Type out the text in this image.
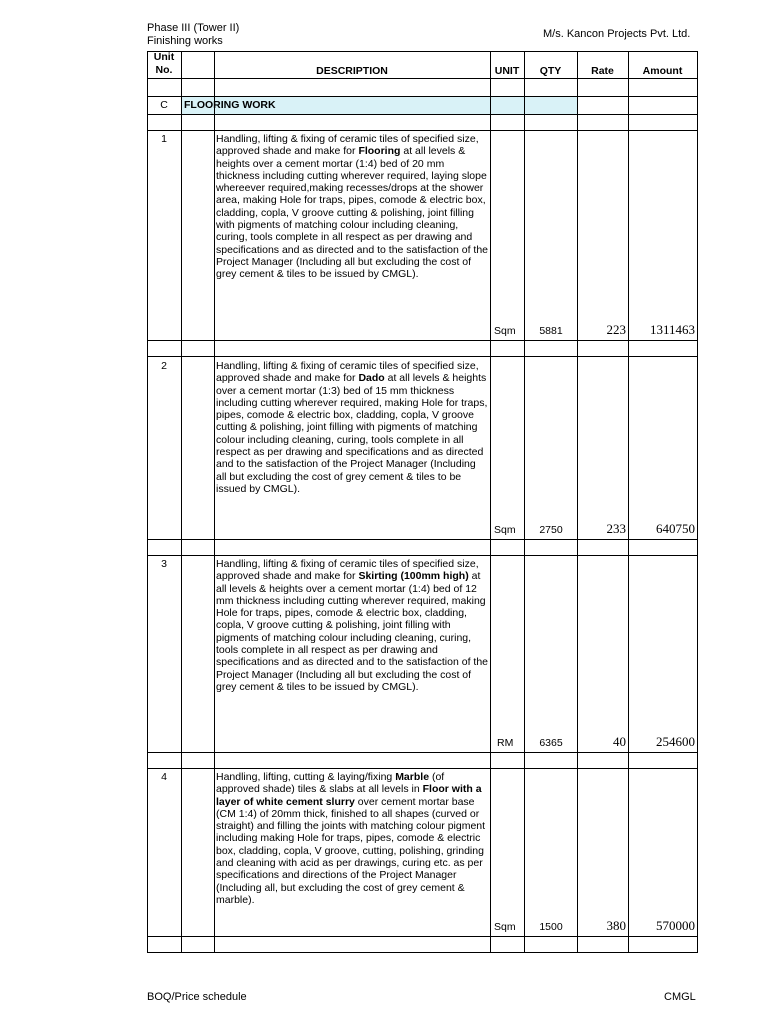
Phase III (Tower II)
Finishing works
M/s. Kancon Projects Pvt. Ltd.
Unit
No.	DESCRIPTION	UNIT	QTY	Rate	Amount
C	FLOORING WORK
1	Handling, lifting & fixing of ceramic tiles of specified size, approved shade and make for Flooring at all levels & heights over a cement mortar (1:4) bed of 20 mm thickness including cutting wherever required, laying slope whereever required,making recesses/drops at the shower area, making Hole for traps, pipes, comode & electric box, cladding, copla, V groove cutting & polishing, joint filling with pigments of matching colour including cleaning, curing, tools complete in all respect as per drawing and specifications and as directed and to the satisfaction of the Project Manager (Including all but excluding the cost of grey cement & tiles to be issued by CMGL).
Sqm	5881	223	1311463
2	Handling, lifting & fixing of ceramic tiles of specified size, approved shade and make for Dado at all levels & heights over a cement mortar (1:3) bed of 15 mm thickness including cutting wherever required, making Hole for traps, pipes, comode & electric box, cladding, copla, V groove cutting & polishing, joint filling with pigments of matching colour including cleaning, curing, tools complete in all respect as per drawing and specifications and as directed and to the satisfaction of the Project Manager (Including all but excluding the cost of grey cement & tiles to be issued by CMGL).
Sqm	2750	233	640750
3	Handling, lifting & fixing of ceramic tiles of specified size, approved shade and make for Skirting (100mm high) at all levels & heights over a cement mortar (1:4) bed of 12 mm thickness including cutting wherever required, making Hole for traps, pipes, comode & electric box, cladding, copla, V groove cutting & polishing, joint filling with pigments of matching colour including cleaning, curing, tools complete in all respect as per drawing and specifications and as directed and to the satisfaction of the Project Manager (Including all but excluding the cost of grey cement & tiles to be issued by CMGL).
RM	6365	40	254600
4	Handling, lifting, cutting & laying/fixing Marble (of approved shade) tiles & slabs at all levels in Floor with a layer of white cement slurry over cement mortar base (CM 1:4) of 20mm thick, finished to all shapes (curved or straight) and filling the joints with matching colour pigment including making Hole for traps, pipes, comode & electric box, cladding, copla, V groove, cutting, polishing, grinding and cleaning with acid as per drawings, curing etc. as per specifications and directions of the Project Manager (Including all, but excluding the cost of grey cement & marble).
Sqm	1500	380	570000
BOQ/Price schedule	CMGL
